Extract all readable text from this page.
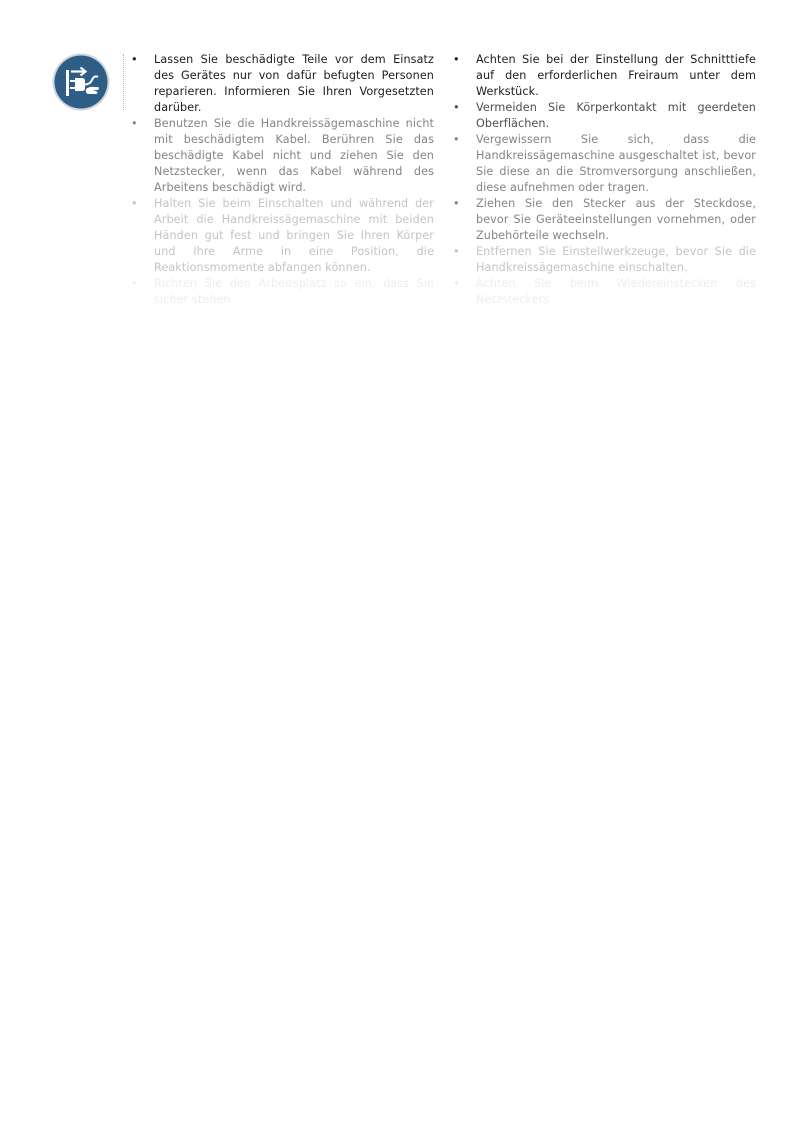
• Lassen Sie beschädigte Teile vor dem Einsatz des Gerätes nur von dafür befugten Personen reparieren. Informieren Sie Ihren Vorgesetzten darüber.
• Benutzen Sie die Handkreissägemaschine nicht mit beschädigtem Kabel. Berühren Sie das beschädigte Kabel nicht und ziehen Sie den Netzstecker, wenn das Kabel während des Arbeitens beschädigt wird.
• Halten Sie beim Einschalten und während der Arbeit die Handkreissägemaschine mit beiden Händen gut fest und bringen Sie Ihren Körper und Ihre Arme in eine Position, die Reaktionsmomente abfangen können.
• Richten Sie den Arbeitsplatz so ein, dass Sie sicher stehen
• Achten Sie bei der Einstellung der Schnitttiefe auf den erforderlichen Freiraum unter dem Werkstück.
• Vermeiden Sie Körperkontakt mit geerdeten Oberflächen.
• Vergewissern Sie sich, dass die Handkreissägemaschine ausgeschaltet ist, bevor Sie diese an die Stromversorgung anschließen, diese aufnehmen oder tragen.
• Ziehen Sie den Stecker aus der Steckdose, bevor Sie Geräteeinstellungen vornehmen, oder Zubehörteile wechseln.
• Entfernen Sie Einstellwerkzeuge, bevor Sie die Handkreissägemaschine einschalten.
• Achten Sie beim Wiedereinstecken des Netzsteckers
